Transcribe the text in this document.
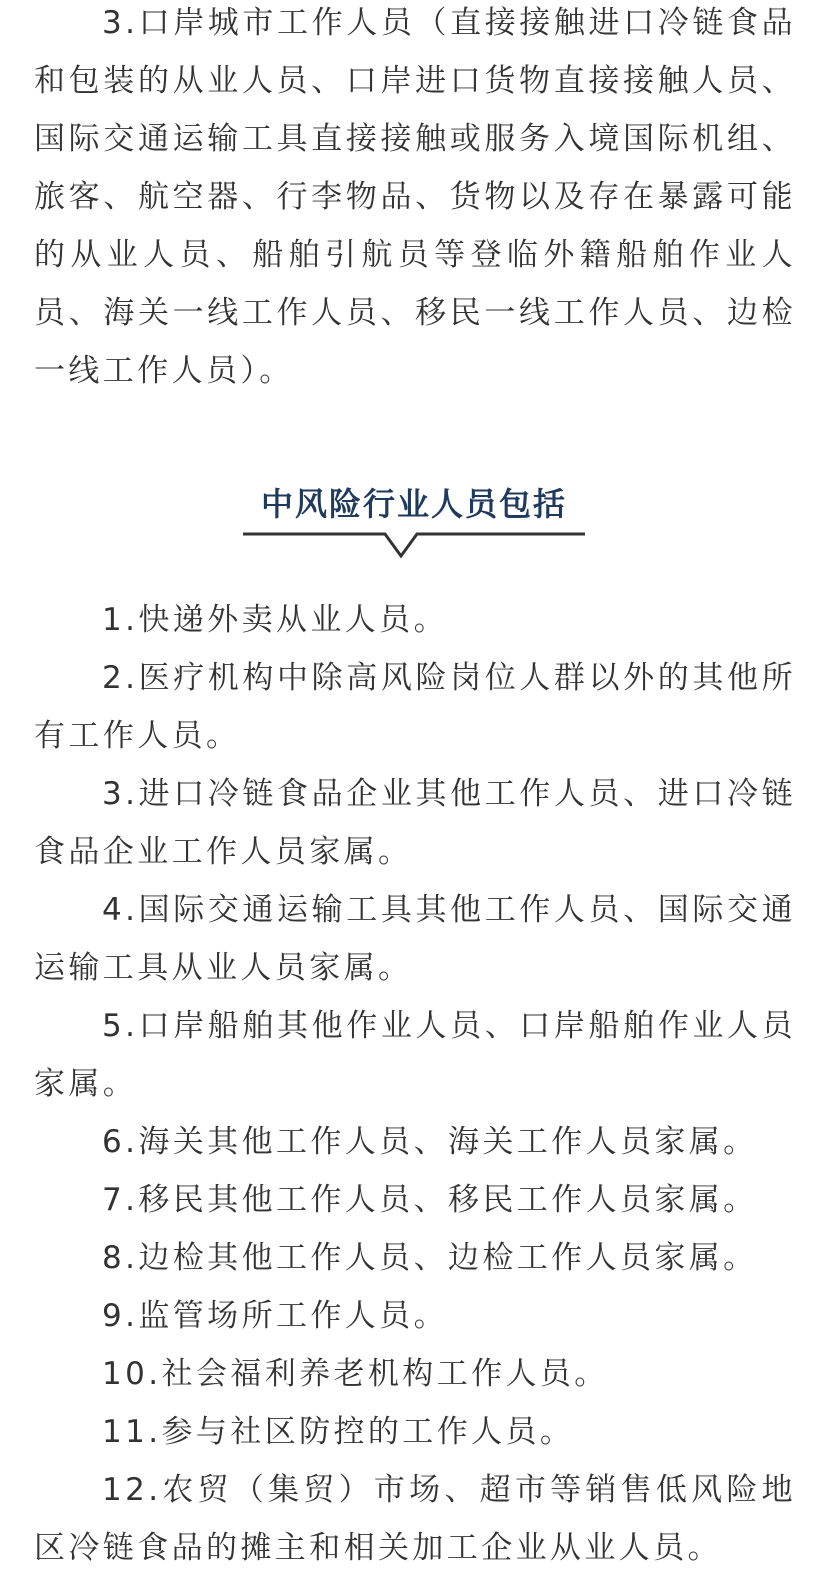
3.口岸城市工作人员（直接接触进口冷链食品和包装的从业人员、口岸进口货物直接接触人员、国际交通运输工具直接接触或服务入境国际机组、旅客、航空器、行李物品、货物以及存在暴露可能的从业人员、船舶引航员等登临外籍船舶作业人员、海关一线工作人员、移民一线工作人员、边检一线工作人员）。

中风险行业人员包括

1.快递外卖从业人员。

2.医疗机构中除高风险岗位人群以外的其他所有工作人员。

3.进口冷链食品企业其他工作人员、进口冷链食品企业工作人员家属。

4.国际交通运输工具其他工作人员、国际交通运输工具从业人员家属。

5.口岸船舶其他作业人员、口岸船舶作业人员家属。

6.海关其他工作人员、海关工作人员家属。

7.移民其他工作人员、移民工作人员家属。

8.边检其他工作人员、边检工作人员家属。

9.监管场所工作人员。

10.社会福利养老机构工作人员。

11.参与社区防控的工作人员。

12.农贸（集贸）市场、超市等销售低风险地区冷链食品的摊主和相关加工企业从业人员。
